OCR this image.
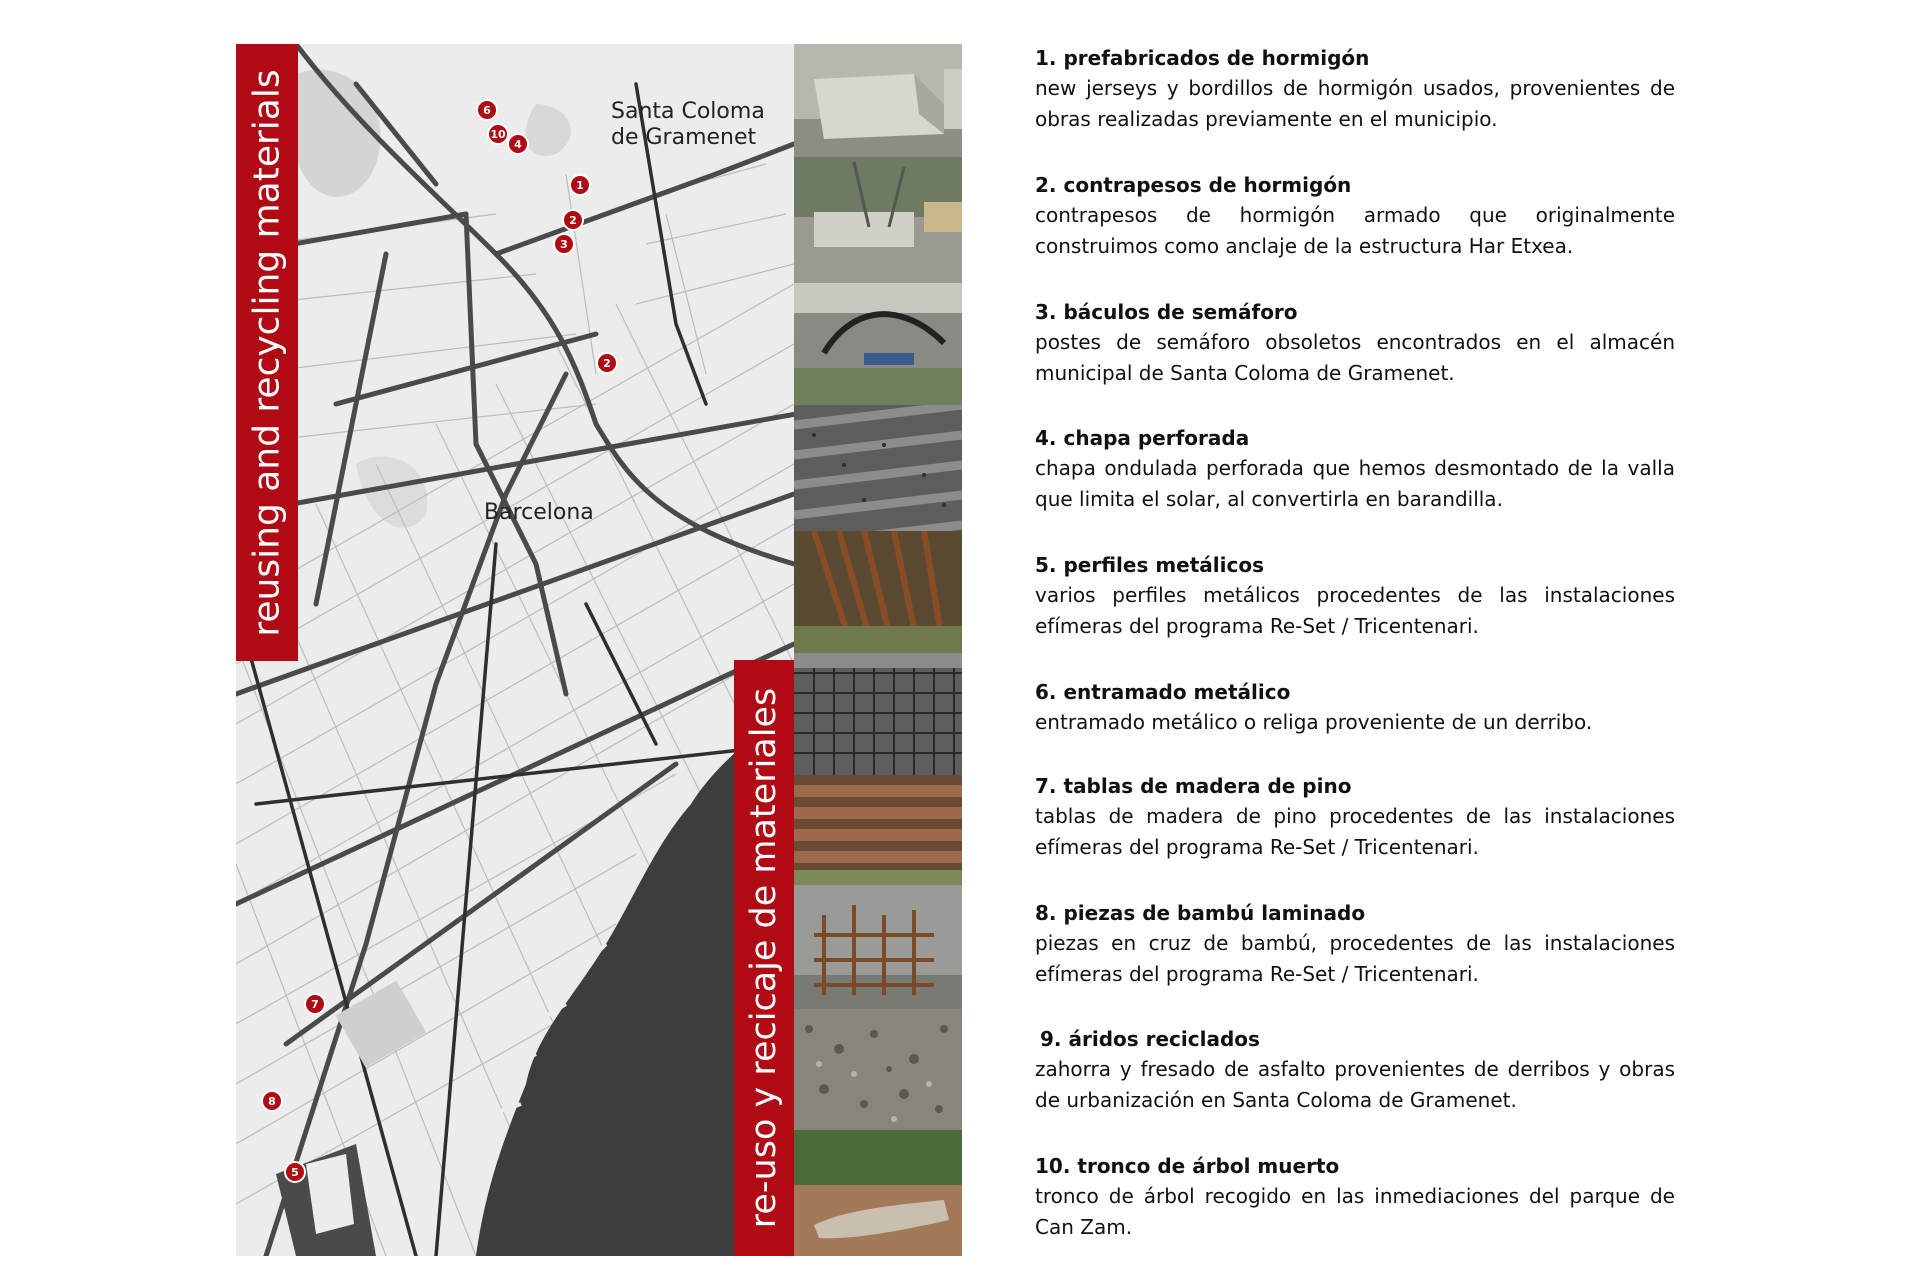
Santa Coloma
de Gramenet
Barcelona
6
10
4
1
2
3
2
7
8
5
reusing and recycling materials
re-uso y recicaje de materiales
1. prefabricados de hormigón
new jerseys y bordillos de hormigón usados, provenientes de obras realizadas previamente en el municipio.
2. contrapesos de hormigón
contrapesos de hormigón armado que originalmente construimos como anclaje de la estructura Har Etxea.
3. báculos de semáforo
postes de semáforo obsoletos encontrados en el almacén municipal de Santa Coloma de Gramenet.
4. chapa perforada
chapa ondulada perforada que hemos desmontado de la valla que limita el solar, al convertirla en barandilla.
5. perfiles metálicos
varios perfiles metálicos procedentes de las instalaciones efímeras del programa Re-Set / Tricentenari.
6. entramado metálico
entramado metálico o religa proveniente de un derribo.
7. tablas de madera de pino
tablas de madera de pino procedentes de las instalaciones efímeras del programa Re-Set / Tricentenari.
8. piezas de bambú laminado
piezas en cruz de bambú, procedentes de las instalaciones efímeras del programa Re-Set / Tricentenari.
9. áridos reciclados
zahorra y fresado de asfalto provenientes de derribos y obras de urbanización en Santa Coloma de Gramenet.
10. tronco de árbol muerto
tronco de árbol recogido en las inmediaciones del parque de Can Zam.
